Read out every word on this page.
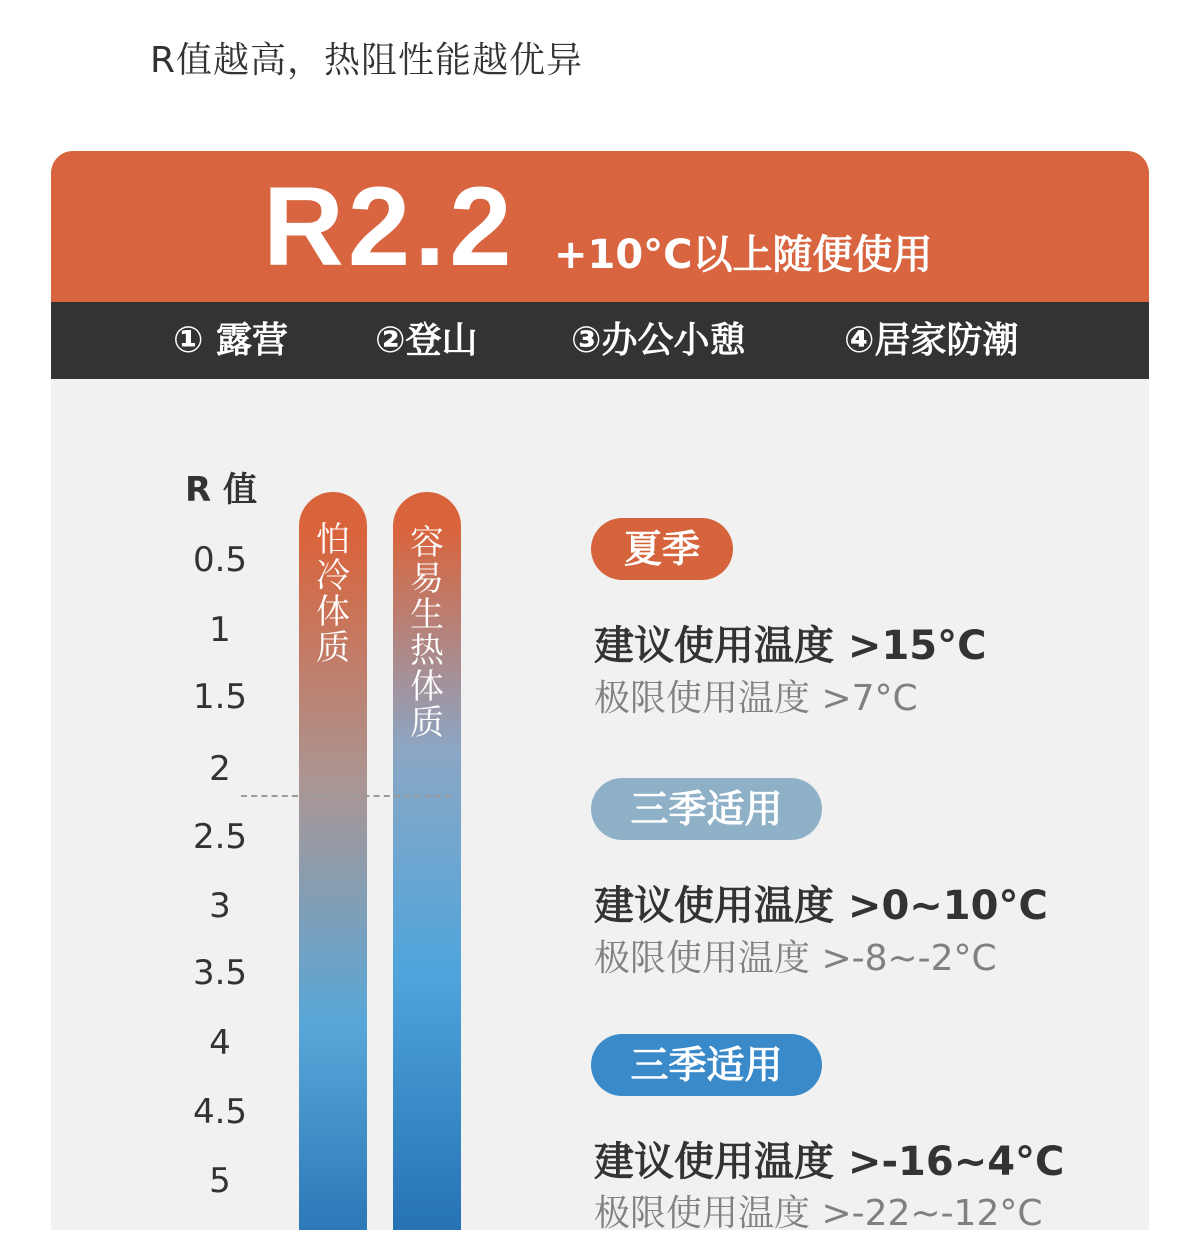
R值越高，热阻性能越优异
R2.2 +10°C以上随便使用
① 露营 ②登山	③办公小憩	④居家防潮
R 值
0.5
1
1.5
2
2.5
3
3.5
4
4.5
5
怕
冷
体
质
容
易
生
热
体
质
夏季
建议使用温度 >15°C
极限使用温度 >7°C
三季适用
建议使用温度 >0~10°C
极限使用温度 >-8~-2°C
三季适用
建议使用温度 >-16~4°C
极限使用温度 >-22~-12°C
